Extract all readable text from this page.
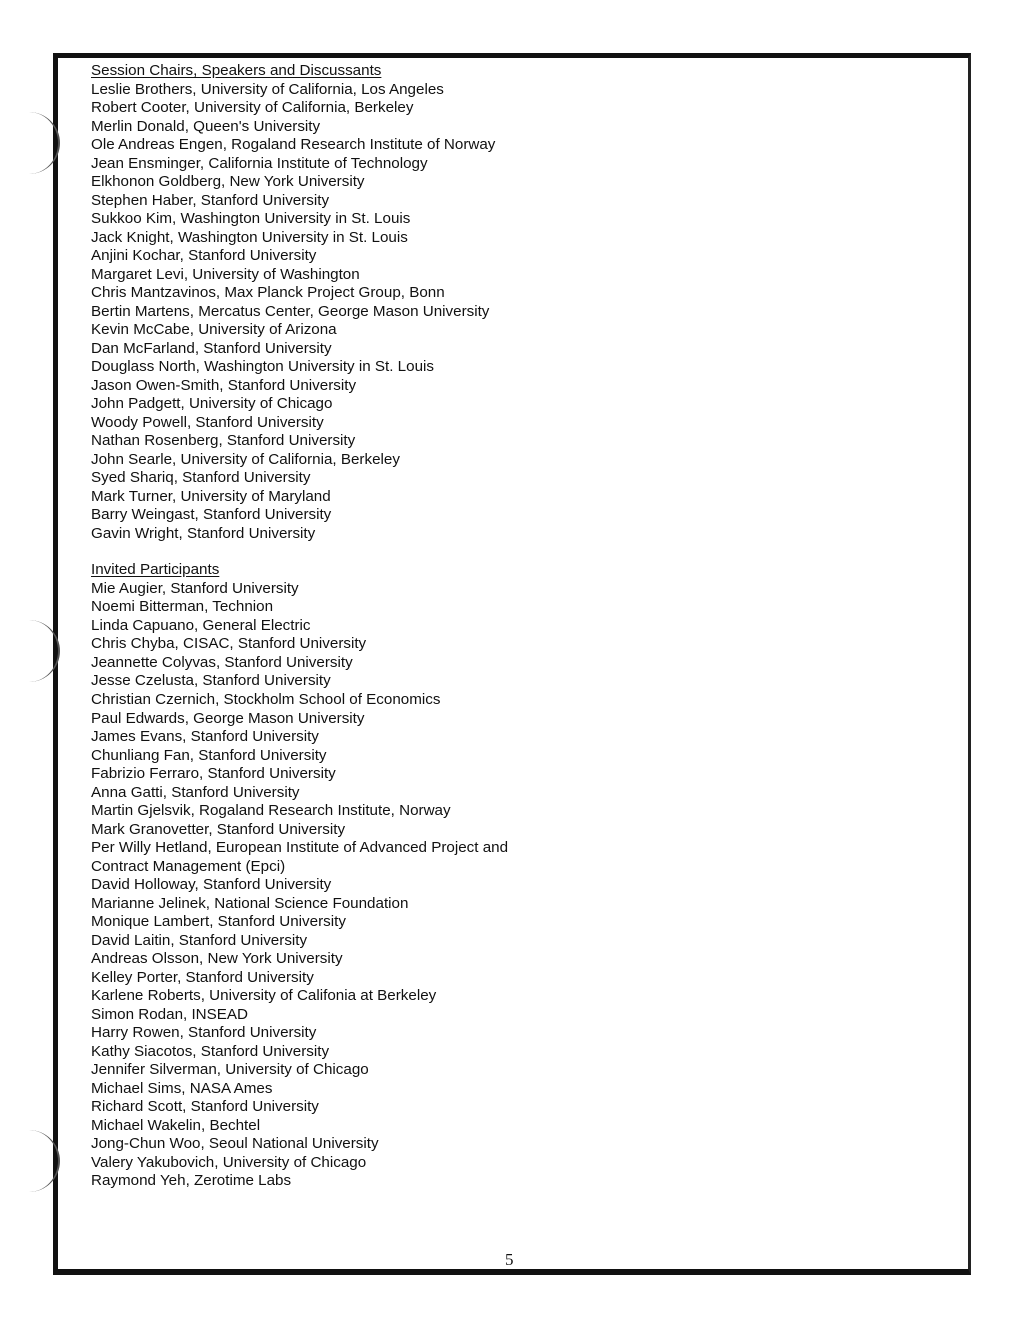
Session Chairs, Speakers and Discussants
Leslie Brothers, University of California, Los Angeles
Robert Cooter, University of California, Berkeley
Merlin Donald, Queen's University
Ole Andreas Engen, Rogaland Research Institute of Norway
Jean Ensminger, California Institute of Technology
Elkhonon Goldberg, New York University
Stephen Haber, Stanford University
Sukkoo Kim, Washington University in St. Louis
Jack Knight, Washington University in St. Louis
Anjini Kochar, Stanford University
Margaret Levi, University of Washington
Chris Mantzavinos, Max Planck Project Group, Bonn
Bertin Martens, Mercatus Center, George Mason University
Kevin McCabe, University of Arizona
Dan McFarland, Stanford University
Douglass North, Washington University in St. Louis
Jason Owen-Smith, Stanford University
John Padgett, University of Chicago
Woody Powell, Stanford University
Nathan Rosenberg, Stanford University
John Searle, University of California, Berkeley
Syed Shariq, Stanford University
Mark Turner, University of Maryland
Barry Weingast, Stanford University
Gavin Wright, Stanford University
Invited Participants
Mie Augier, Stanford University
Noemi Bitterman, Technion
Linda Capuano, General Electric
Chris Chyba, CISAC, Stanford University
Jeannette Colyvas, Stanford University
Jesse Czelusta, Stanford University
Christian Czernich, Stockholm School of Economics
Paul Edwards, George Mason University
James Evans, Stanford University
Chunliang Fan, Stanford University
Fabrizio Ferraro, Stanford University
Anna Gatti, Stanford University
Martin Gjelsvik, Rogaland Research Institute, Norway
Mark Granovetter, Stanford University
Per Willy Hetland, European Institute of Advanced Project and
Contract Management (Epci)
David Holloway, Stanford University
Marianne Jelinek, National Science Foundation
Monique Lambert, Stanford University
David Laitin, Stanford University
Andreas Olsson, New York University
Kelley Porter, Stanford University
Karlene Roberts, University of Califonia at Berkeley
Simon Rodan, INSEAD
Harry Rowen, Stanford University
Kathy Siacotos, Stanford University
Jennifer Silverman, University of Chicago
Michael Sims, NASA Ames
Richard Scott, Stanford University
Michael Wakelin, Bechtel
Jong-Chun Woo, Seoul National University
Valery Yakubovich, University of Chicago
Raymond Yeh, Zerotime Labs
5
